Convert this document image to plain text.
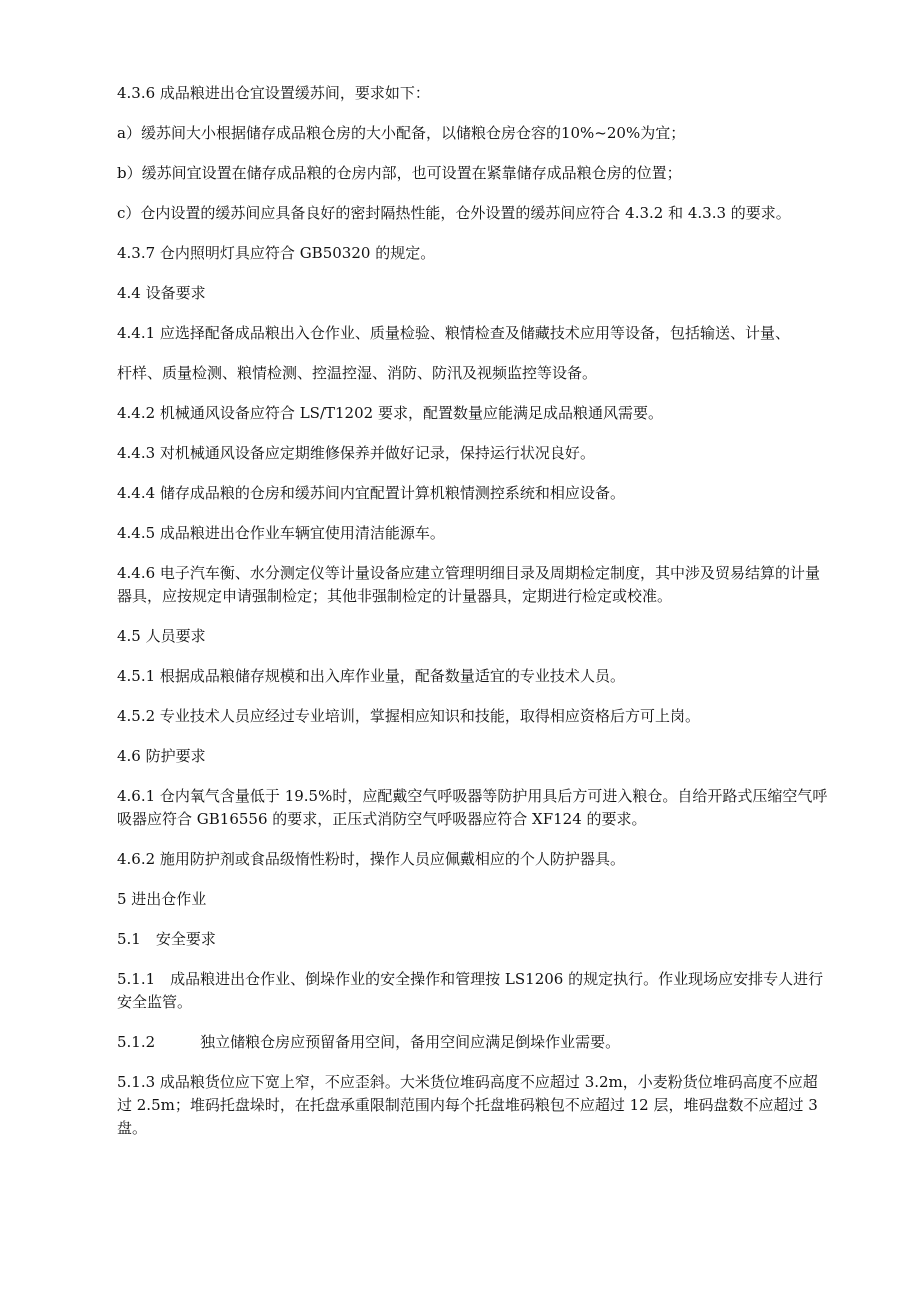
4.3.6 成品粮进出仓宜设置缓苏间，要求如下：

a）缓苏间大小根据储存成品粮仓房的大小配备，以储粮仓房仓容的10%~20%为宜；

b）缓苏间宜设置在储存成品粮的仓房内部，也可设置在紧靠储存成品粮仓房的位置；

c）仓内设置的缓苏间应具备良好的密封隔热性能，仓外设置的缓苏间应符合 4.3.2 和 4.3.3 的要求。

4.3.7 仓内照明灯具应符合 GB50320 的规定。

4.4 设备要求

4.4.1 应选择配备成品粮出入仓作业、质量检验、粮情检查及储藏技术应用等设备，包括输送、计量、

杆样、质量检测、粮情检测、控温控湿、消防、防汛及视频监控等设备。

4.4.2 机械通风设备应符合 LS/T1202 要求，配置数量应能满足成品粮通风需要。

4.4.3 对机械通风设备应定期维修保养并做好记录，保持运行状况良好。

4.4.4 储存成品粮的仓房和缓苏间内宜配置计算机粮情测控系统和相应设备。

4.4.5 成品粮进出仓作业车辆宜使用清洁能源车。

4.4.6 电子汽车衡、水分测定仪等计量设备应建立管理明细目录及周期检定制度，其中涉及贸易结算的计量器具，应按规定申请强制检定；其他非强制检定的计量器具，定期进行检定或校准。

4.5 人员要求

4.5.1 根据成品粮储存规模和出入库作业量，配备数量适宜的专业技术人员。

4.5.2 专业技术人员应经过专业培训，掌握相应知识和技能，取得相应资格后方可上岗。

4.6 防护要求

4.6.1 仓内氧气含量低于 19.5%时，应配戴空气呼吸器等防护用具后方可进入粮仓。自给开路式压缩空气呼吸器应符合 GB16556 的要求，正压式消防空气呼吸器应符合 XF124 的要求。

4.6.2 施用防护剂或食品级惰性粉时，操作人员应佩戴相应的个人防护器具。

5 进出仓作业

5.1　安全要求

5.1.1　成品粮进出仓作业、倒垛作业的安全操作和管理按 LS1206 的规定执行。作业现场应安排专人进行安全监管。

5.1.2　　　独立储粮仓房应预留备用空间，备用空间应满足倒垛作业需要。

5.1.3 成品粮货位应下宽上窄，不应歪斜。大米货位堆码高度不应超过 3.2m，小麦粉货位堆码高度不应超过 2.5m；堆码托盘垛时，在托盘承重限制范围内每个托盘堆码粮包不应超过 12 层，堆码盘数不应超过 3 盘。
